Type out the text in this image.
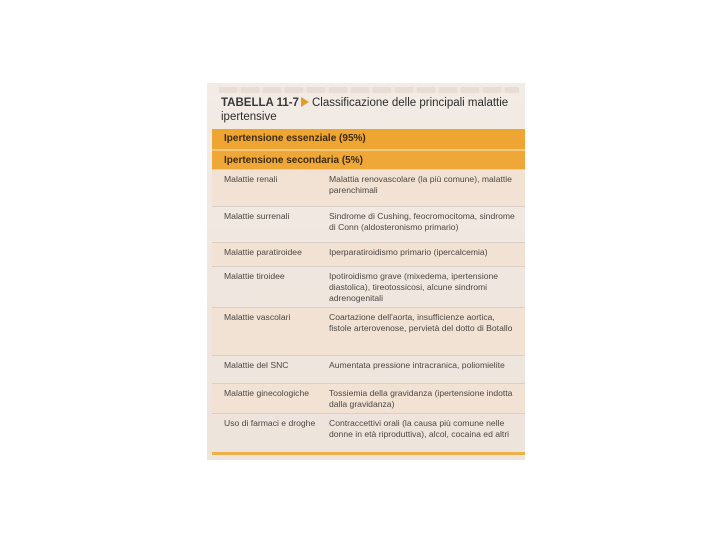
TABELLA 11-7 Classificazione delle principali malattie ipertensive
Ipertensione essenziale (95%)
Ipertensione secondaria (5%)
Malattie renali	Malattia renovascolare (la più comune), malattie parenchimali
Malattie surrenali	Sindrome di Cushing, feocromocitoma, sindrome di Conn (aldosteronismo primario)
Malattie paratiroidee	Iperparatiroidismo primario (ipercalcemia)
Malattie tiroidee	Ipotiroidismo grave (mixedema, ipertensione diastolica), tireotossicosi, alcune sindromi adrenogenitali
Malattie vascolari	Coartazione dell'aorta, insufficienze aortica, fistole arterovenose, pervietà del dotto di Botallo
Malattie del SNC	Aumentata pressione intracranica, poliomielite
Malattie ginecologiche	Tossiemia della gravidanza (ipertensione indotta dalla gravidanza)
Uso di farmaci e droghe	Contraccettivi orali (la causa più comune nelle donne in età riproduttiva), alcol, cocaina ed altri
